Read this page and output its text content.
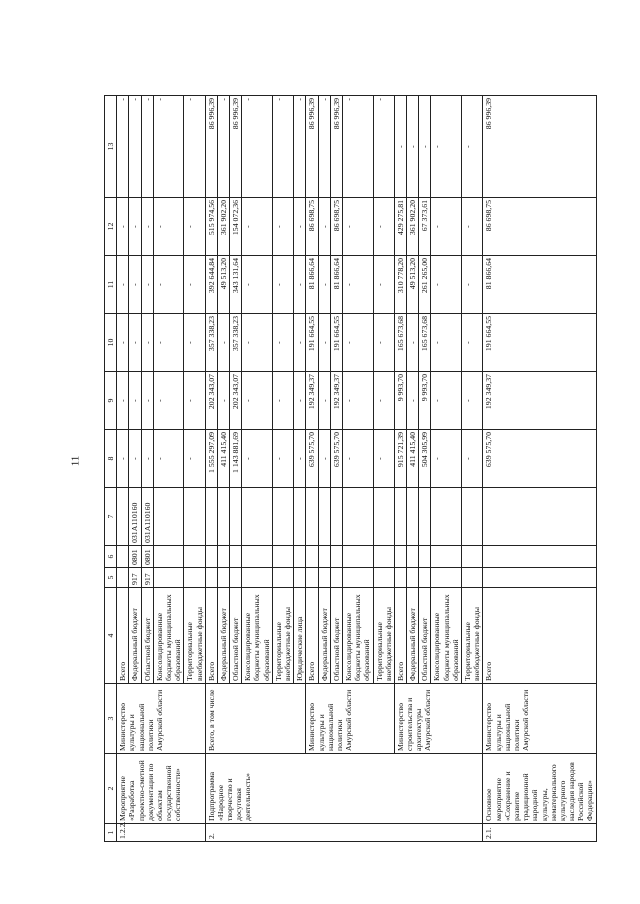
11
1	2	3	4	5	6	7	8	9	10	11	12	13
1.2.2.	Мероприятие «Разработка проектно-сметной документации по объектам государственной собственности»	Министерство культуры и национальной политики Амурской области	Всего				-	-	-	-	-	-
			Федеральный бюджет	917	0801	031A110160	-	-	-	-	-	-
			Областной бюджет	917	0801	031A110160	-	-	-	-	-	-
			Консолидированные бюджеты муниципальных образований				-	-	-	-	-	-
			Территориальные внебюджетные фонды				-	-	-	-	-	-
2.	Подпрограмма «Народное творчество и досуговая деятельность»	Всего, в том числе	Всего				1 555 297,09	202 343,07	357 338,23	392 644,84	515 974,56	86 996,39
			Федеральный бюджет				411 415,40	-	-	49 513,20	361 902,20	-
			Областной бюджет				1 143 881,69	202 343,07	357 338,23	343 131,64	154 072,36	86 996,39
			Консолидированные бюджеты муниципальных образований				-	-	-	-	-	-
			Территориальные внебюджетные фонды				-	-	-	-	-	-
			Юридические лица				-	-	-	-	-	-
		Министерство культуры и национальной политики Амурской области	Всего				639 575,70	192 349,37	191 664,55	81 866,64	86 698,75	86 996,39
			Федеральный бюджет				-	-	-	-	-	-
			Областной бюджет				639 575,70	192 349,37	191 664,55	81 866,64	86 698,75	86 996,39
			Консолидированные бюджеты муниципальных образований				-	-	-	-	-	-
			Территориальные внебюджетные фонды				-	-	-	-	-	-
		Министерство строительства и архитектуры Амурской области	Всего				915 721,39	9 993,70	165 673,68	310 778,20	429 275,81	-
			Федеральный бюджет				411 415,40	-	-	49 513,20	361 902,20	-
			Областной бюджет				504 305,99	9 993,70	165 673,68	261 265,00	67 373,61	-
			Консолидированные бюджеты муниципальных образований				-	-	-	-	-	-
			Территориальные внебюджетные фонды				-	-	-	-	-	-
2.1.	Основное мероприятие «Сохранение и развитие традиционной народной культуры, нематериального культурного наследия народов Российской Федерации»	Министерство культуры и национальной политики Амурской области	Всего				639 575,70	192 349,37	191 664,55	81 866,64	86 698,75	86 996,39
